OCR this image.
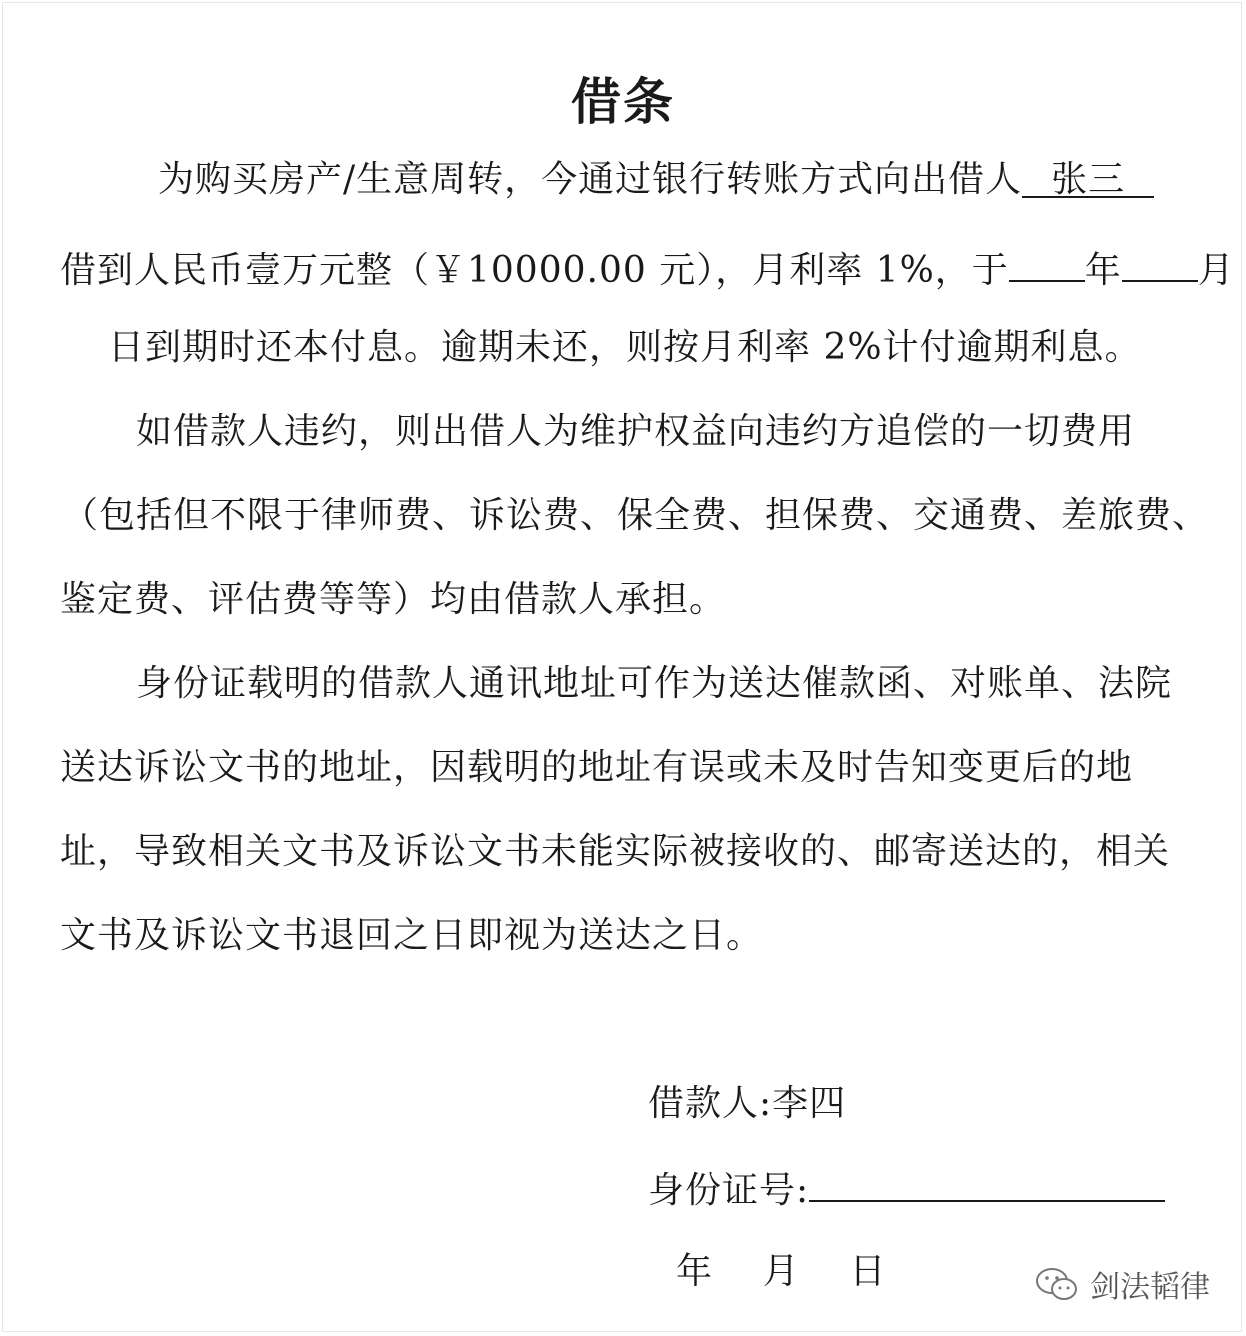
借条
为购买房产/生意周转，今通过银行转账方式向出借人 张三
借到人民币壹万元整（￥10000.00 元），月利率 1%，于 年 月
日到期时还本付息。逾期未还，则按月利率 2%计付逾期利息。
如借款人违约，则出借人为维护权益向违约方追偿的一切费用
（包括但不限于律师费、诉讼费、保全费、担保费、交通费、差旅费、
鉴定费、评估费等等）均由借款人承担。
身份证载明的借款人通讯地址可作为送达催款函、对账单、法院
送达诉讼文书的地址，因载明的地址有误或未及时告知变更后的地
址，导致相关文书及诉讼文书未能实际被接收的、邮寄送达的，相关
文书及诉讼文书退回之日即视为送达之日。
借款人:李四
身份证号:
年    月    日	剑法韬律
